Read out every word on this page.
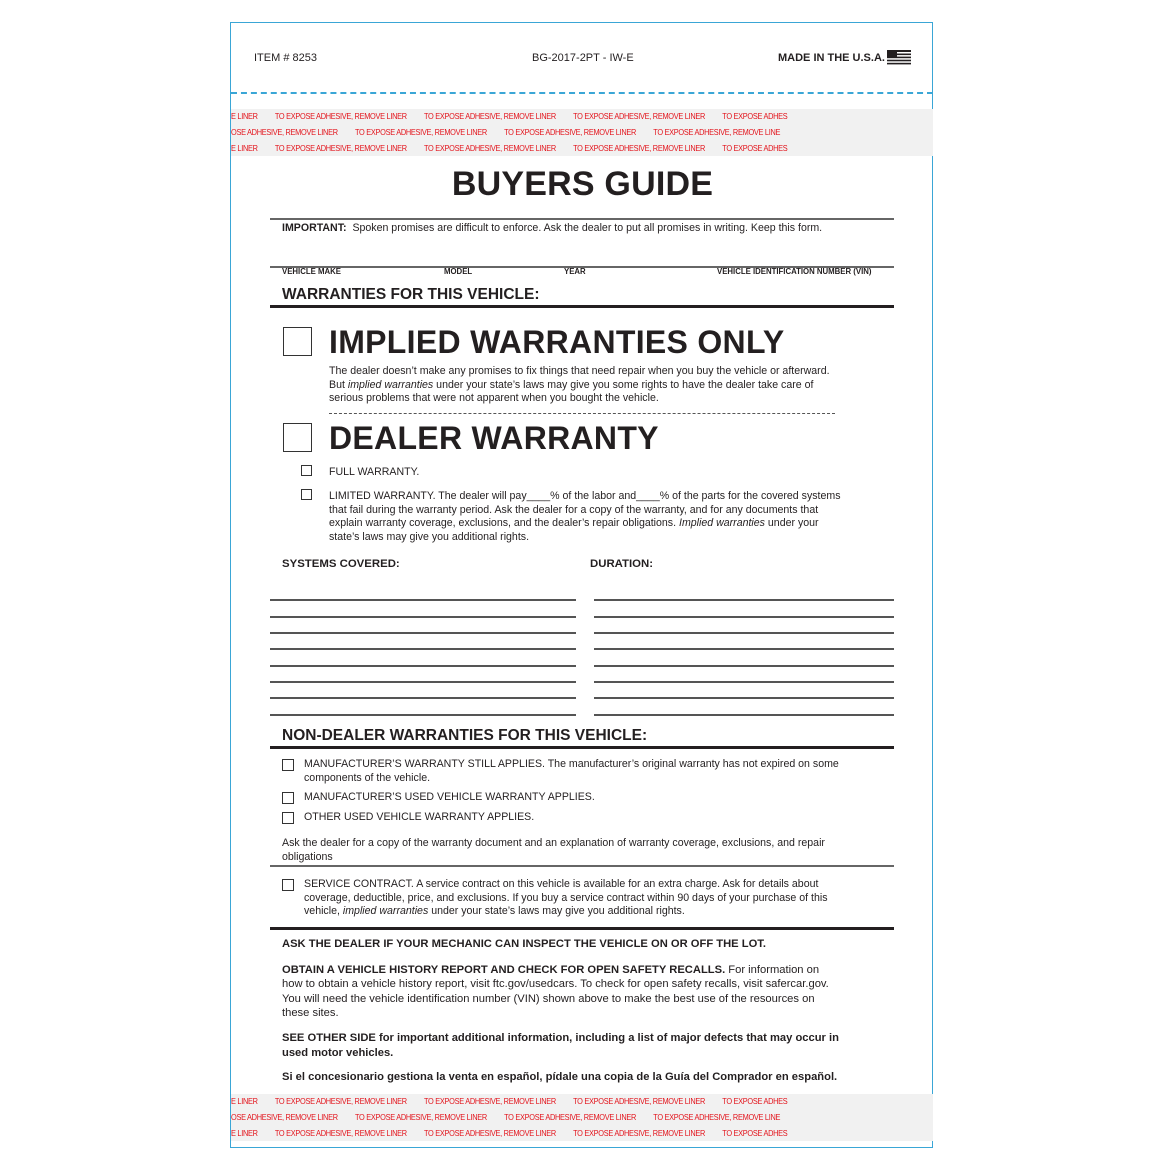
ITEM # 8253	BG-2017-2PT - IW-E	MADE IN THE U.S.A.
E LINER TO EXPOSE ADHESIVE, REMOVE LINER TO EXPOSE ADHESIVE, REMOVE LINER TO EXPOSE ADHESIVE, REMOVE LINER TO EXPOSE ADHES
OSE ADHESIVE, REMOVE LINER TO EXPOSE ADHESIVE, REMOVE LINER TO EXPOSE ADHESIVE, REMOVE LINER TO EXPOSE ADHESIVE, REMOVE LINE
E LINER TO EXPOSE ADHESIVE, REMOVE LINER TO EXPOSE ADHESIVE, REMOVE LINER TO EXPOSE ADHESIVE, REMOVE LINER TO EXPOSE ADHES
BUYERS GUIDE
IMPORTANT: Spoken promises are difficult to enforce. Ask the dealer to put all promises in writing. Keep this form.
VEHICLE MAKE	MODEL	YEAR	VEHICLE IDENTIFICATION NUMBER (VIN)
WARRANTIES FOR THIS VEHICLE:
IMPLIED WARRANTIES ONLY
The dealer doesn’t make any promises to fix things that need repair when you buy the vehicle or afterward.
But implied warranties under your state’s laws may give you some rights to have the dealer take care of
serious problems that were not apparent when you bought the vehicle.
DEALER WARRANTY
FULL WARRANTY.
LIMITED WARRANTY. The dealer will pay____% of the labor and____% of the parts for the covered systems
that fail during the warranty period. Ask the dealer for a copy of the warranty, and for any documents that
explain warranty coverage, exclusions, and the dealer’s repair obligations. Implied warranties under your
state’s laws may give you additional rights.
SYSTEMS COVERED:	DURATION:
NON-DEALER WARRANTIES FOR THIS VEHICLE:
MANUFACTURER’S WARRANTY STILL APPLIES. The manufacturer’s original warranty has not expired on some
components of the vehicle.
MANUFACTURER’S USED VEHICLE WARRANTY APPLIES.
OTHER USED VEHICLE WARRANTY APPLIES.
Ask the dealer for a copy of the warranty document and an explanation of warranty coverage, exclusions, and repair
obligations
SERVICE CONTRACT. A service contract on this vehicle is available for an extra charge. Ask for details about
coverage, deductible, price, and exclusions. If you buy a service contract within 90 days of your purchase of this
vehicle, implied warranties under your state’s laws may give you additional rights.
ASK THE DEALER IF YOUR MECHANIC CAN INSPECT THE VEHICLE ON OR OFF THE LOT.
OBTAIN A VEHICLE HISTORY REPORT AND CHECK FOR OPEN SAFETY RECALLS. For information on
how to obtain a vehicle history report, visit ftc.gov/usedcars. To check for open safety recalls, visit safercar.gov.
You will need the vehicle identification number (VIN) shown above to make the best use of the resources on
these sites.
SEE OTHER SIDE for important additional information, including a list of major defects that may occur in
used motor vehicles.
Si el concesionario gestiona la venta en español, pídale una copia de la Guía del Comprador en español.
E LINER TO EXPOSE ADHESIVE, REMOVE LINER TO EXPOSE ADHESIVE, REMOVE LINER TO EXPOSE ADHESIVE, REMOVE LINER TO EXPOSE ADHES
OSE ADHESIVE, REMOVE LINER TO EXPOSE ADHESIVE, REMOVE LINER TO EXPOSE ADHESIVE, REMOVE LINER TO EXPOSE ADHESIVE, REMOVE LINE
E LINER TO EXPOSE ADHESIVE, REMOVE LINER TO EXPOSE ADHESIVE, REMOVE LINER TO EXPOSE ADHESIVE, REMOVE LINER TO EXPOSE ADHES
